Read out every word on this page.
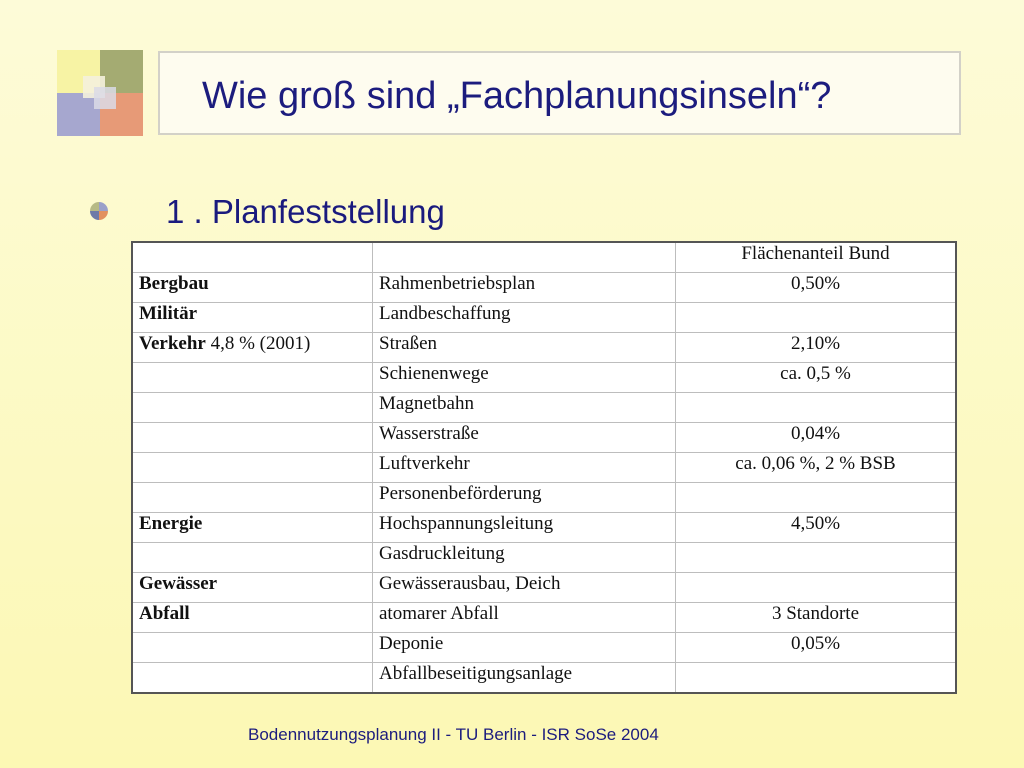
Wie groß sind „Fachplanungsinseln“?
1 . Planfeststellung
		Flächenanteil Bund
Bergbau	Rahmenbetriebsplan	0,50%
Militär	Landbeschaffung	
Verkehr 4,8 % (2001)	Straßen	2,10%
	Schienenwege	ca. 0,5 %
	Magnetbahn	
	Wasserstraße	0,04%
	Luftverkehr	ca. 0,06 %, 2 % BSB
	Personenbeförderung	
Energie	Hochspannungsleitung	4,50%
	Gasdruckleitung	
Gewässer	Gewässerausbau, Deich	
Abfall	atomarer Abfall	3 Standorte
	Deponie	0,05%
	Abfallbeseitigungsanlage	

Bodennutzungsplanung II - TU Berlin - ISR SoSe 2004
